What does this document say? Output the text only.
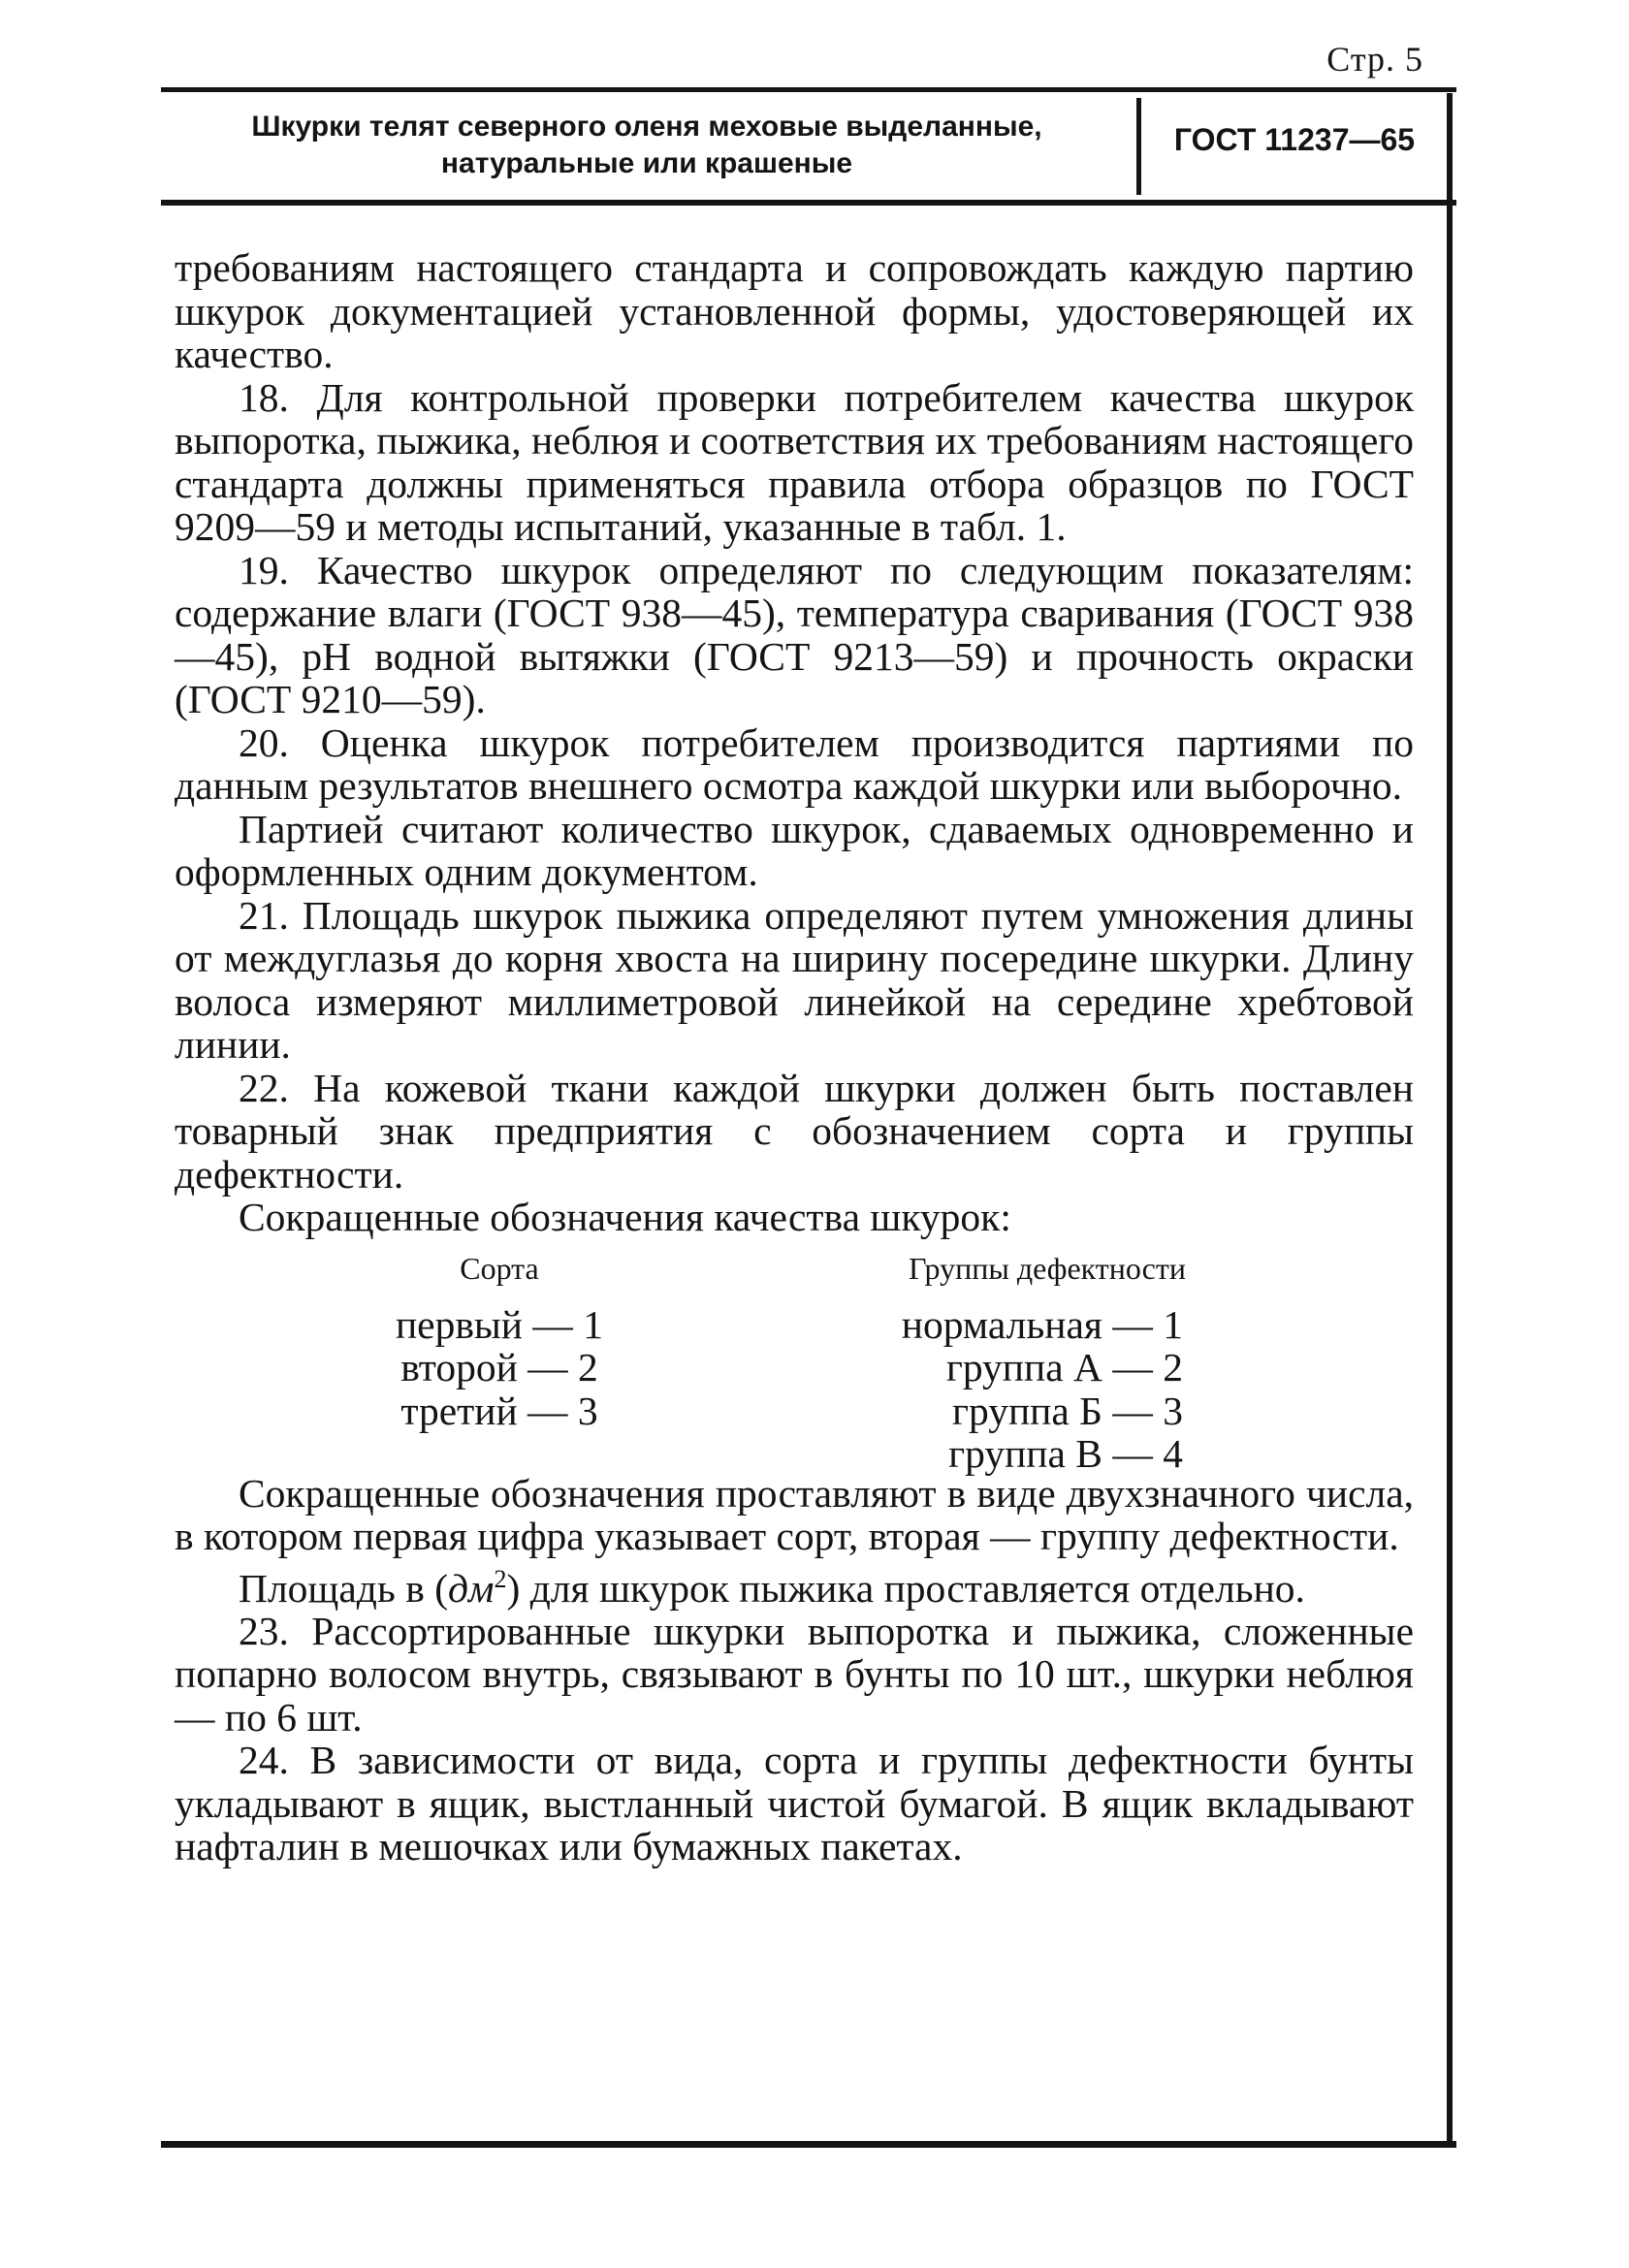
Стр. 5
Шкурки телят северного оленя меховые выделанные,
натуральные или крашеные
ГОСТ 11237—65

требованиям настоящего стандарта и сопровождать каждую партию шкурок документацией установленной формы, удостоверяющей их качество.

18. Для контрольной проверки потребителем качества шкурок выпоротка, пыжика, неблюя и соответствия их требованиям настоящего стандарта должны применяться правила отбора образцов по ГОСТ 9209—59 и методы испытаний, указанные в табл. 1.

19. Качество шкурок определяют по следующим показателям: содержание влаги (ГОСТ 938—45), температура сваривания (ГОСТ 938—45), pH водной вытяжки (ГОСТ 9213—59) и прочность окраски (ГОСТ 9210—59).

20. Оценка шкурок потребителем производится партиями по данным результатов внешнего осмотра каждой шкурки или выборочно.

Партией считают количество шкурок, сдаваемых одновременно и оформленных одним документом.

21. Площадь шкурок пыжика определяют путем умножения длины от междуглазья до корня хвоста на ширину посередине шкурки. Длину волоса измеряют миллиметровой линейкой на середине хребтовой линии.

22. На кожевой ткани каждой шкурки должен быть поставлен товарный знак предприятия с обозначением сорта и группы дефектности.

Сокращенные обозначения качества шкурок:

Сорта
первый — 1
второй — 2
третий — 3
Группы дефектности
нормальная — 1
группа А — 2
группа Б — 3
группа В — 4

Сокращенные обозначения проставляют в виде двухзначного числа, в котором первая цифра указывает сорт, вторая — группу дефектности.

Площадь в $(дм^2)$ для шкурок пыжика проставляется отдельно.

23. Рассортированные шкурки выпоротка и пыжика, сложенные попарно волосом внутрь, связывают в бунты по 10 шт., шкурки неблюя — по 6 шт.

24. В зависимости от вида, сорта и группы дефектности бунты укладывают в ящик, выстланный чистой бумагой. В ящик вкладывают нафталин в мешочках или бумажных пакетах.
